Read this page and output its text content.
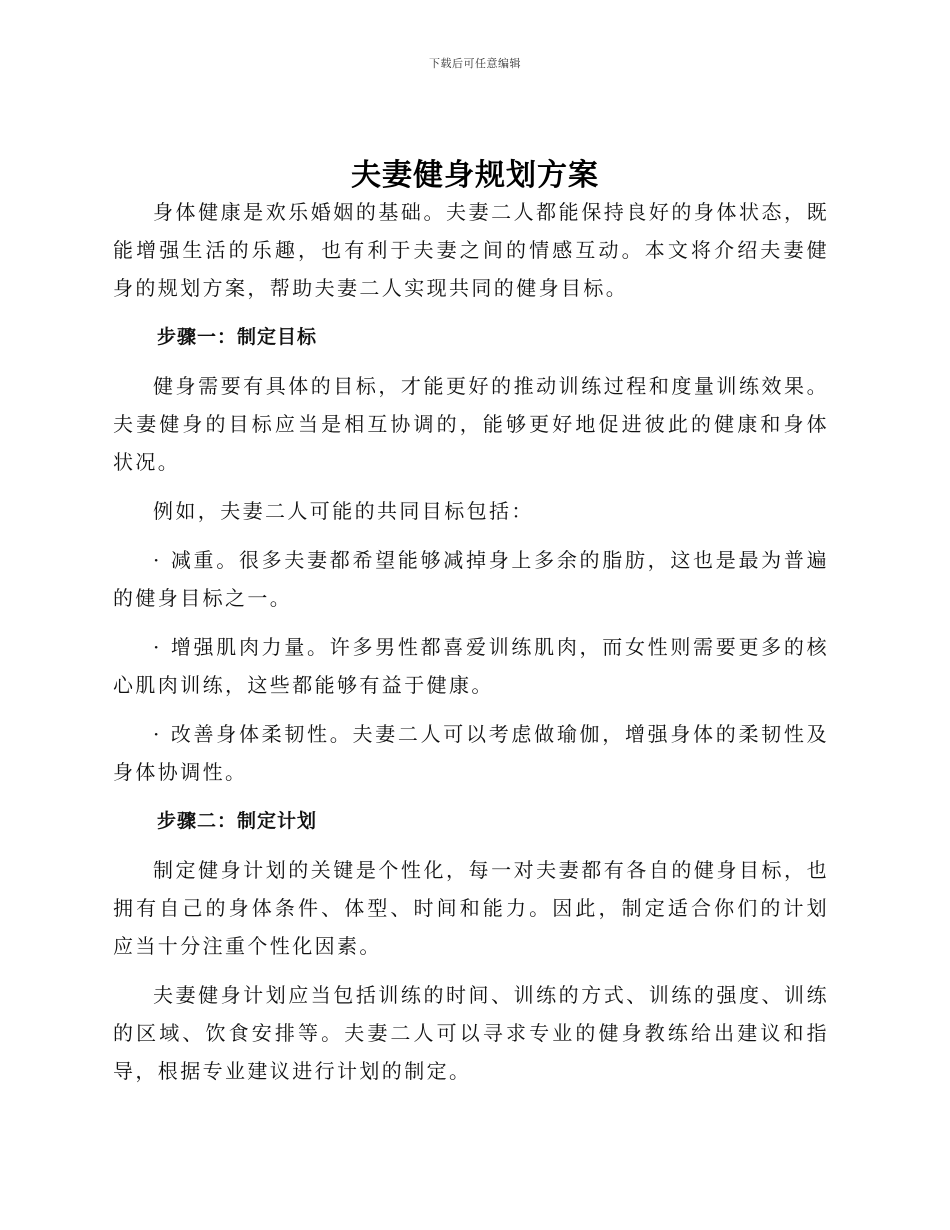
下载后可任意编辑
夫妻健身规划方案

身体健康是欢乐婚姻的基础。夫妻二人都能保持良好的身体状态，既能增强生活的乐趣，也有利于夫妻之间的情感互动。本文将介绍夫妻健身的规划方案，帮助夫妻二人实现共同的健身目标。

步骤一：制定目标

健身需要有具体的目标，才能更好的推动训练过程和度量训练效果。夫妻健身的目标应当是相互协调的，能够更好地促进彼此的健康和身体状况。

例如，夫妻二人可能的共同目标包括：

· 减重。很多夫妻都希望能够减掉身上多余的脂肪，这也是最为普遍的健身目标之一。

· 增强肌肉力量。许多男性都喜爱训练肌肉，而女性则需要更多的核心肌肉训练，这些都能够有益于健康。

· 改善身体柔韧性。夫妻二人可以考虑做瑜伽，增强身体的柔韧性及身体协调性。

步骤二：制定计划

制定健身计划的关键是个性化，每一对夫妻都有各自的健身目标，也拥有自己的身体条件、体型、时间和能力。因此，制定适合你们的计划应当十分注重个性化因素。

夫妻健身计划应当包括训练的时间、训练的方式、训练的强度、训练的区域、饮食安排等。夫妻二人可以寻求专业的健身教练给出建议和指导，根据专业建议进行计划的制定。
